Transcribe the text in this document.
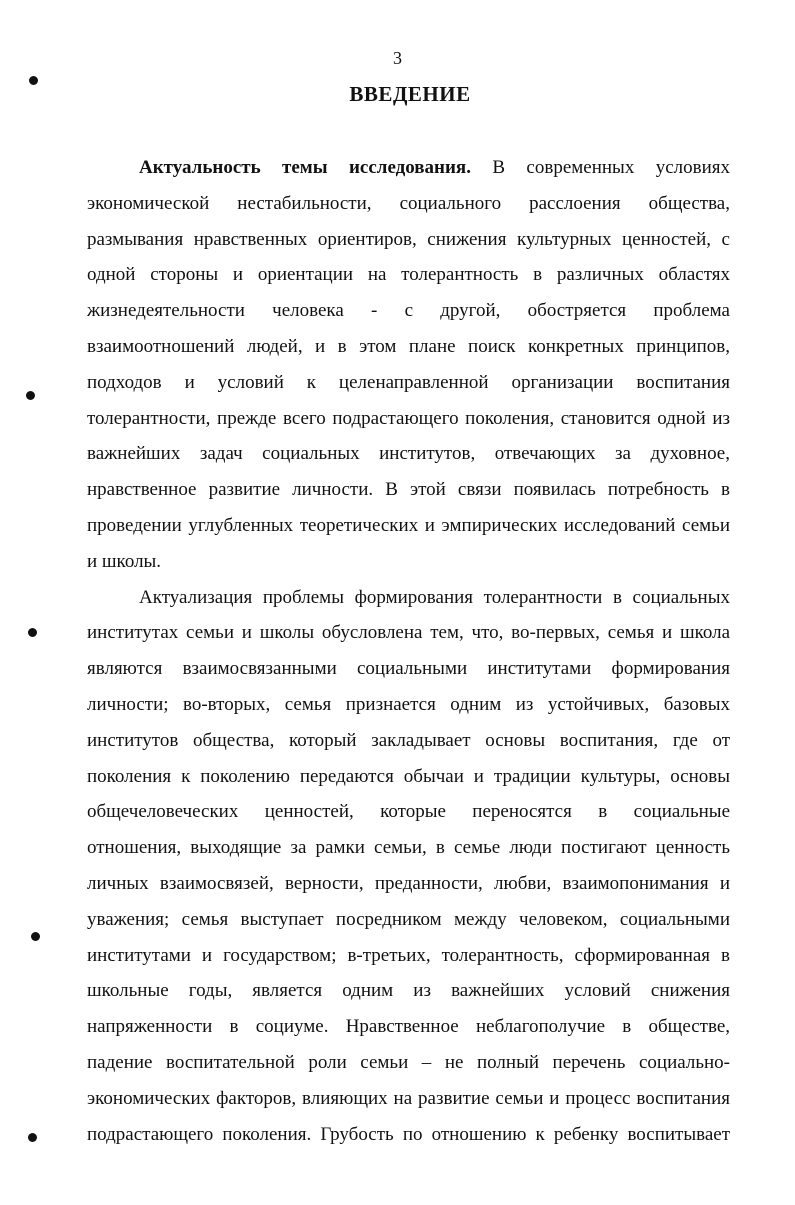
3
ВВЕДЕНИЕ
Актуальность темы исследования. В современных условиях
экономической нестабильности, социального расслоения общества,
размывания нравственных ориентиров, снижения культурных ценностей, с
одной стороны и ориентации на толерантность в различных областях
жизнедеятельности человека - с другой, обостряется проблема
взаимоотношений людей, и в этом плане поиск конкретных принципов,
подходов и условий к целенаправленной организации воспитания
толерантности, прежде всего подрастающего поколения, становится одной из
важнейших задач социальных институтов, отвечающих за духовное,
нравственное развитие личности. В этой связи появилась потребность в
проведении углубленных теоретических и эмпирических исследований семьи
и школы.
Актуализация проблемы формирования толерантности в социальных
институтах семьи и школы обусловлена тем, что, во-первых, семья и школа
являются взаимосвязанными социальными институтами формирования
личности; во-вторых, семья признается одним из устойчивых, базовых
институтов общества, который закладывает основы воспитания, где от
поколения к поколению передаются обычаи и традиции культуры, основы
общечеловеческих ценностей, которые переносятся в социальные
отношения, выходящие за рамки семьи, в семье люди постигают ценность
личных взаимосвязей, верности, преданности, любви, взаимопонимания и
уважения; семья выступает посредником между человеком, социальными
институтами и государством; в-третьих, толерантность, сформированная в
школьные годы, является одним из важнейших условий снижения
напряженности в социуме. Нравственное неблагополучие в обществе,
падение воспитательной роли семьи – не полный перечень социально-
экономических факторов, влияющих на развитие семьи и процесс воспитания
подрастающего поколения. Грубость по отношению к ребенку воспитывает
